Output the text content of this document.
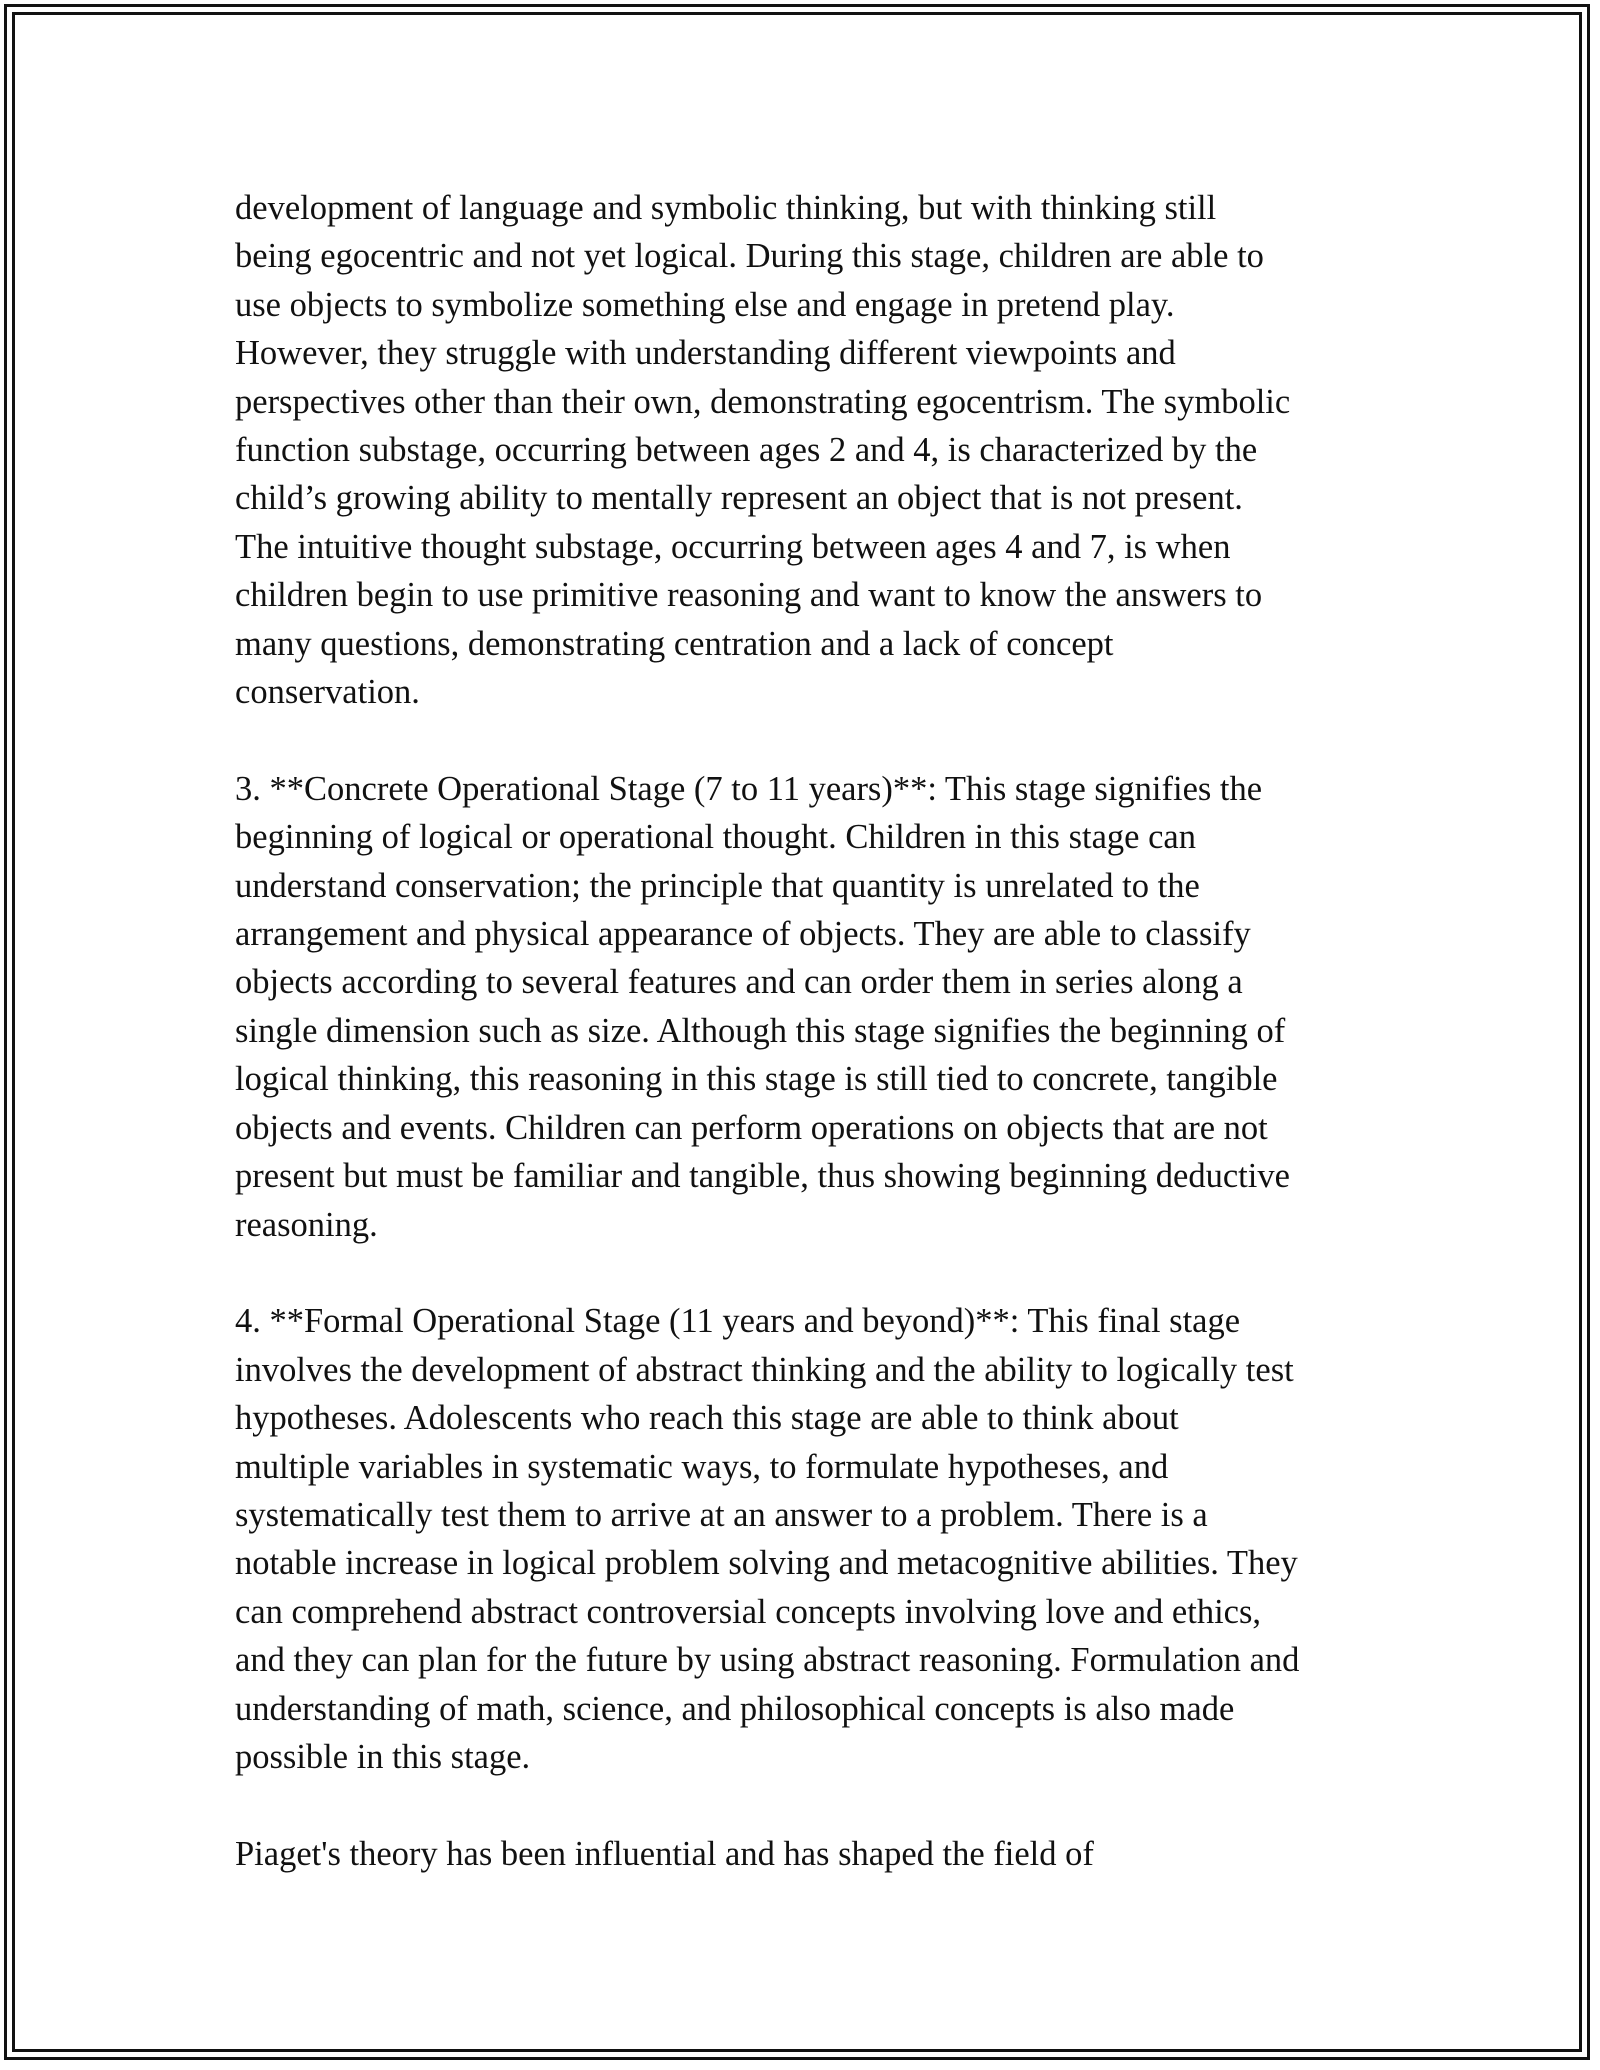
development of language and symbolic thinking, but with thinking still
being egocentric and not yet logical. During this stage, children are able to
use objects to symbolize something else and engage in pretend play.
However, they struggle with understanding different viewpoints and
perspectives other than their own, demonstrating egocentrism. The symbolic
function substage, occurring between ages 2 and 4, is characterized by the
child’s growing ability to mentally represent an object that is not present.
The intuitive thought substage, occurring between ages 4 and 7, is when
children begin to use primitive reasoning and want to know the answers to
many questions, demonstrating centration and a lack of concept
conservation.
3. **Concrete Operational Stage (7 to 11 years)**: This stage signifies the
beginning of logical or operational thought. Children in this stage can
understand conservation; the principle that quantity is unrelated to the
arrangement and physical appearance of objects. They are able to classify
objects according to several features and can order them in series along a
single dimension such as size. Although this stage signifies the beginning of
logical thinking, this reasoning in this stage is still tied to concrete, tangible
objects and events. Children can perform operations on objects that are not
present but must be familiar and tangible, thus showing beginning deductive
reasoning.
4. **Formal Operational Stage (11 years and beyond)**: This final stage
involves the development of abstract thinking and the ability to logically test
hypotheses. Adolescents who reach this stage are able to think about
multiple variables in systematic ways, to formulate hypotheses, and
systematically test them to arrive at an answer to a problem. There is a
notable increase in logical problem solving and metacognitive abilities. They
can comprehend abstract controversial concepts involving love and ethics,
and they can plan for the future by using abstract reasoning. Formulation and
understanding of math, science, and philosophical concepts is also made
possible in this stage.
Piaget's theory has been influential and has shaped the field of
